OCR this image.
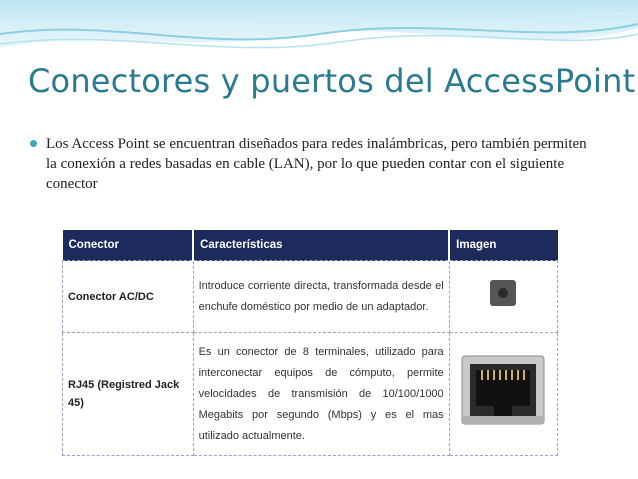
Conectores y puertos del AccessPoint
Los Access Point se encuentran diseñados para redes inalámbricas, pero también permiten la conexión a redes basadas en cable (LAN), por lo que pueden contar con el siguiente conector
Conector	Características	Imagen
Conector AC/DC	Introduce corriente directa, transformada desde el enchufe doméstico por medio de un adaptador.	
RJ45 (Registred Jack 45)	Es un conector de 8 terminales, utilizado para interconectar equipos de cómputo, permite velocidades de transmisión de 10/100/1000 Megabits por segundo (Mbps) y es el mas utilizado actualmente.	
